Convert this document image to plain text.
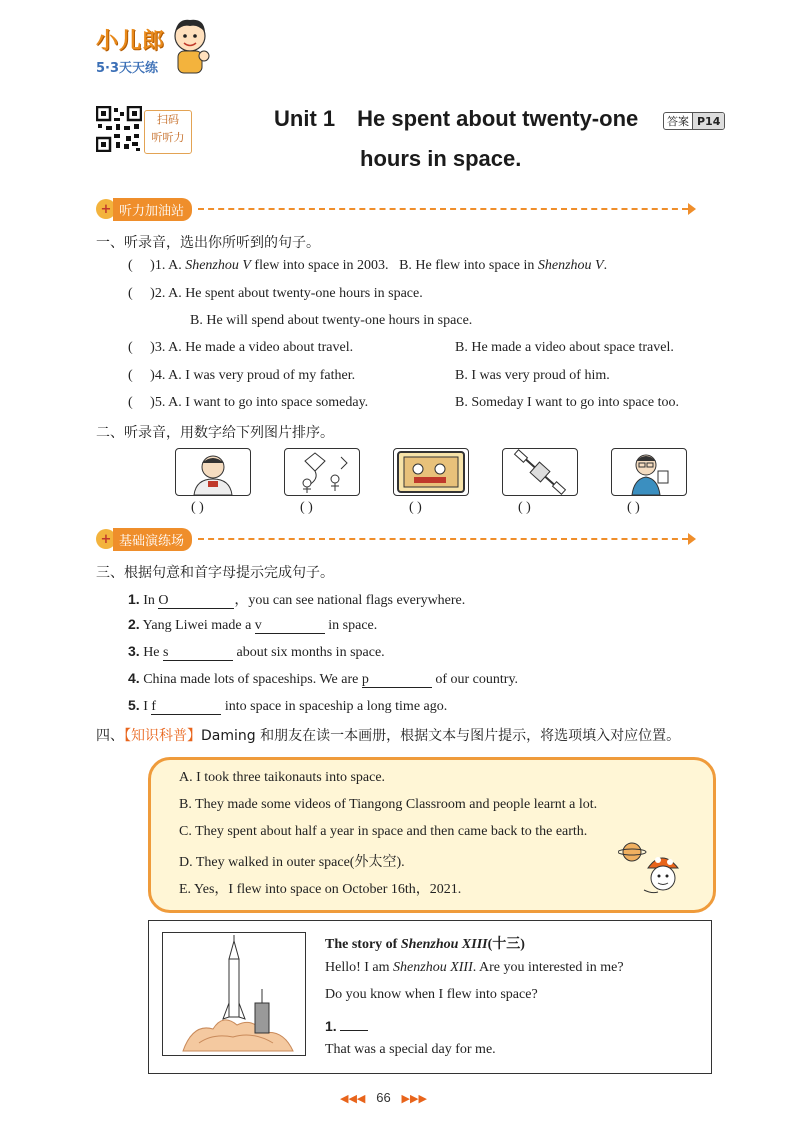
小儿郎
5·3天天练
扫码
听听力
Unit 1 He spent about twenty-one
hours in space.
答案 P14
+ 听力加油站
一、听录音，选出你所听到的句子。
(     )1. A. Shenzhou V flew into space in 2003. B. He flew into space in Shenzhou V.
(     )2. A. He spent about twenty-one hours in space.
B. He will spend about twenty-one hours in space.
(     )3. A. He made a video about travel.	B. He made a video about space travel.
(     )4. A. I was very proud of my father.	B. I was very proud of him.
(     )5. A. I want to go into space someday.	B. Someday I want to go into space too.
二、听录音，用数字给下列图片排序。
( )	( )	( )	( )	( )
+ 基础演练场
三、根据句意和首字母提示完成句子。
1. In O	，you can see national flags everywhere.
2. Yang Liwei made a v	in space.
3. He s	about six months in space.
4. China made lots of spaceships. We are p	of our country.
5. I f	into space in spaceship a long time ago.
四、【知识科普】Daming 和朋友在读一本画册，根据文本与图片提示，将选项填入对应位置。
A. I took three taikonauts into space.
B. They made some videos of Tiangong Classroom and people learnt a lot.
C. They spent about half a year in space and then came back to the earth.
D. They walked in outer space(外太空).
E. Yes，I flew into space on October 16th，2021.
The story of Shenzhou XIII(十三)
Hello! I am Shenzhou XIII. Are you interested in me?
Do you know when I flew into space?
1.
That was a special day for me.
◀◀◀ 66 ▶▶▶
